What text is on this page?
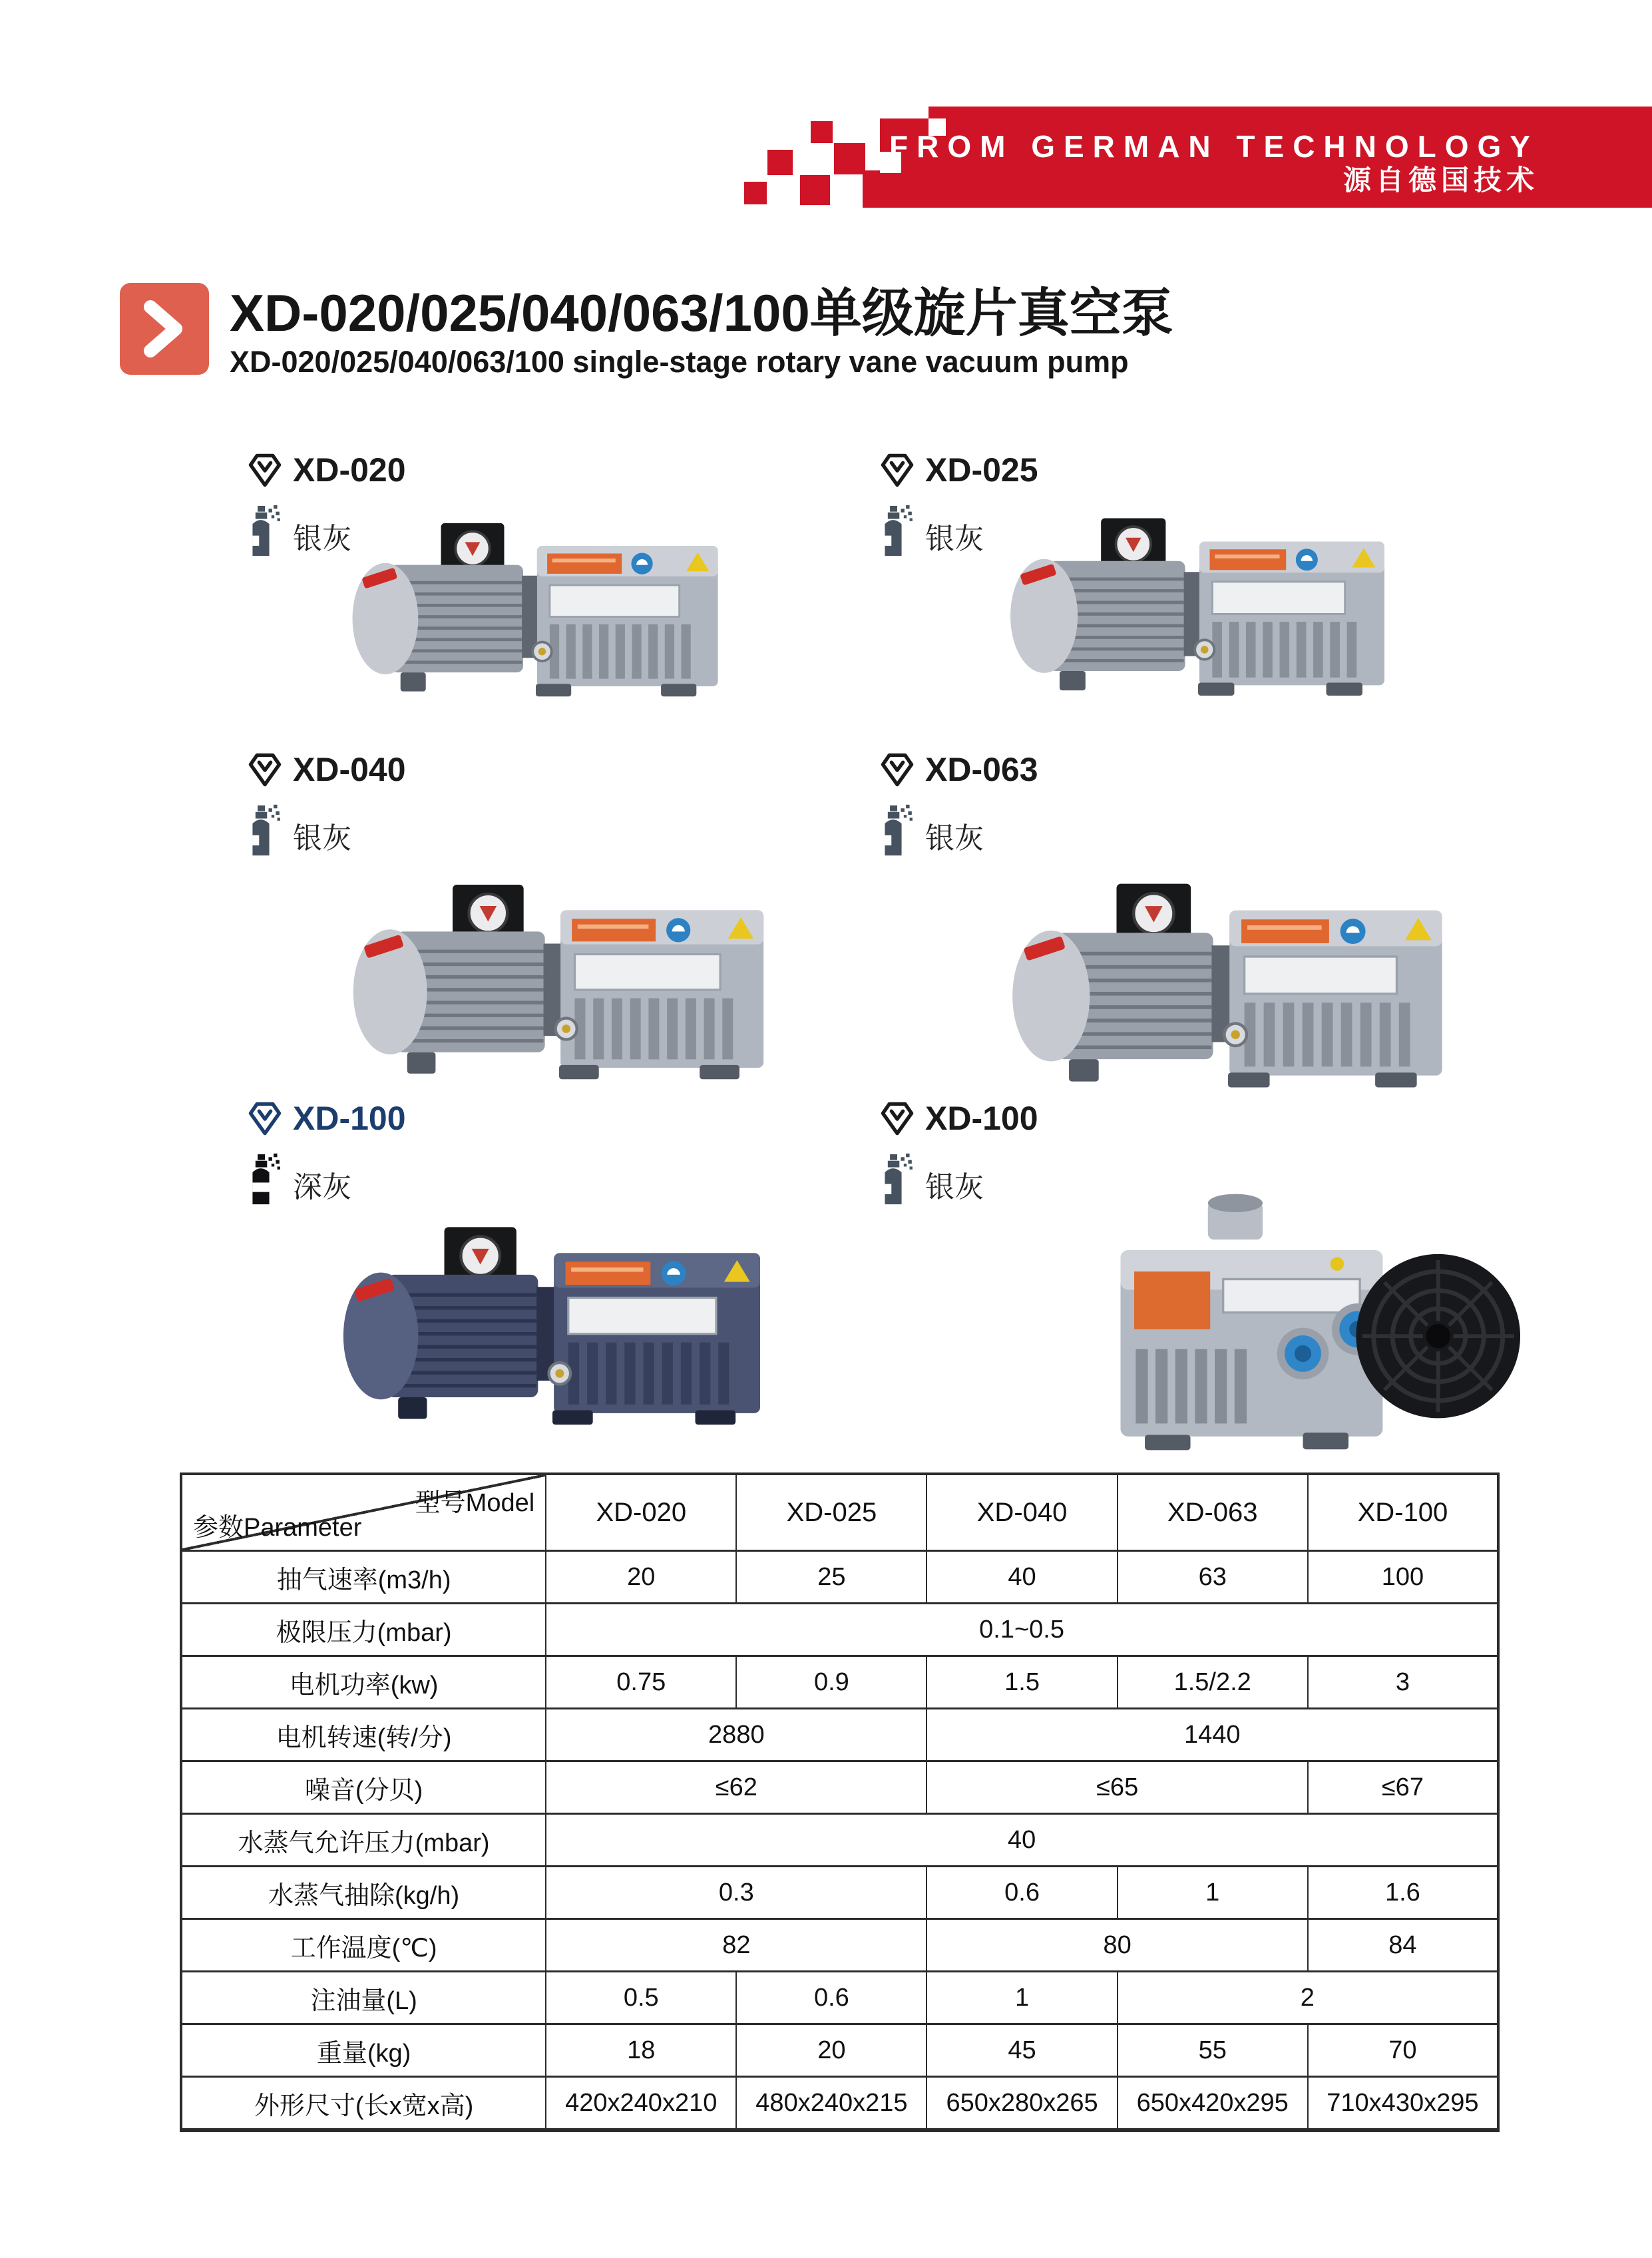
FROM GERMAN TECHNOLOGY
源自德国技术
XD-020/025/040/063/100单级旋片真空泵
XD-020/025/040/063/100 single-stage rotary vane vacuum pump
XD-020
银灰
XD-025
银灰
XD-040
银灰
XD-063
银灰
XD-100
深灰
XD-100
银灰
型号Model
参数Parameter	XD-020	XD-025	XD-040	XD-063	XD-100
抽气速率(m3/h)	20	25	40	63	100
极限压力(mbar)	0.1~0.5				
电机功率(kw)	0.75	0.9	1.5	1.5/2.2	3
电机转速(转/分)	2880		1440		
噪音(分贝)	≤62		≤65		≤67
水蒸气允许压力(mbar)	40				
水蒸气抽除(kg/h)	0.3		0.6	1	1.6
工作温度(℃)	82		80		84
注油量(L)	0.5	0.6	1	2	
重量(kg)	18	20	45	55	70
外形尺寸(长x宽x高)	420x240x210	480x240x215	650x280x265	650x420x295	710x430x295
